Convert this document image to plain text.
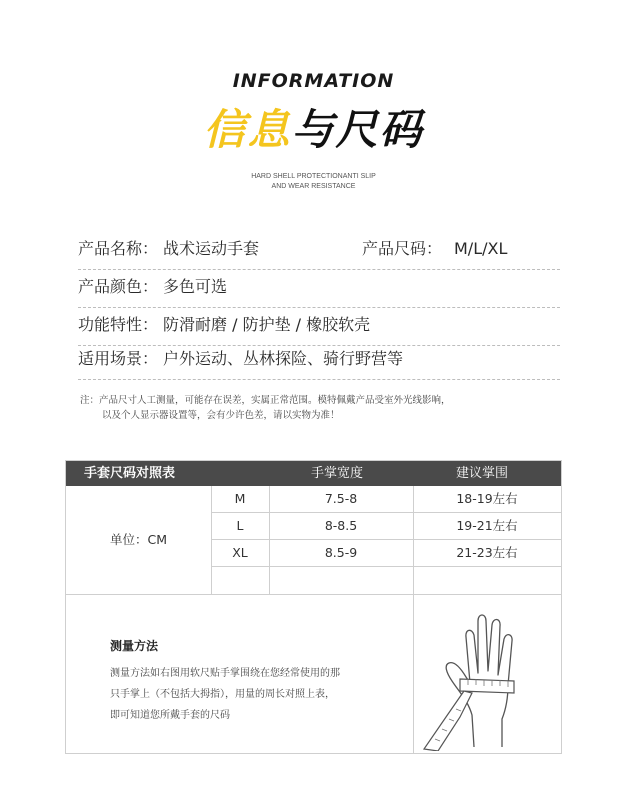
INFORMATION
信息与尺码
HARD SHELL PROTECTIONANTI SLIP
AND WEAR RESISTANCE
产品名称： 战术运动手套	产品尺码： M/L/XL
产品颜色： 多色可选
功能特性： 防滑耐磨 / 防护垫 / 橡胶软壳
适用场景： 户外运动、丛林探险、骑行野营等
注：产品尺寸人工测量，可能存在误差，实属正常范围。模特佩戴产品受室外光线影响，
以及个人显示器设置等，会有少许色差，请以实物为准！
手套尺码对照表	手掌宽度	建议掌围
单位：CM
M	7.5-8	18-19左右
L	8-8.5	19-21左右
XL	8.5-9	21-23左右
测量方法
测量方法如右图用软尺贴手掌围绕在您经常使用的那
只手掌上（不包括大拇指），用量的周长对照上表，
即可知道您所戴手套的尺码
